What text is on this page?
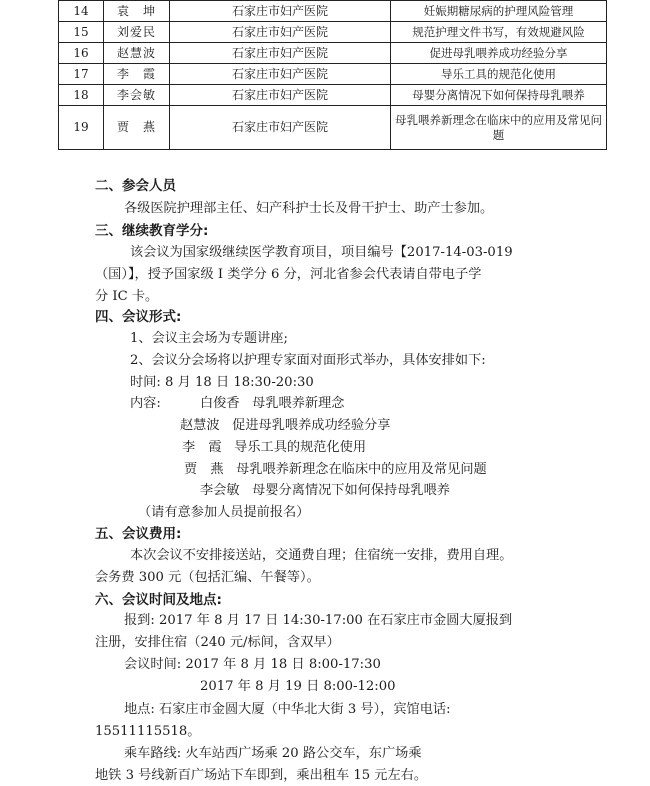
14	袁　坤	石家庄市妇产医院	妊娠期糖尿病的护理风险管理
15	刘爱民	石家庄市妇产医院	规范护理文件书写，有效规避风险
16	赵慧波	石家庄市妇产医院	促进母乳喂养成功经验分享
17	李　霞	石家庄市妇产医院	导乐工具的规范化使用
18	李会敏	石家庄市妇产医院	母婴分离情况下如何保持母乳喂养
19	贾　燕	石家庄市妇产医院	母乳喂养新理念在临床中的应用及常见问题
二、参会人员
各级医院护理部主任、妇产科护士长及骨干护士、助产士参加。
三、继续教育学分:
该会议为国家级继续医学教育项目，项目编号【2017-14-03-019
（国）】，授予国家级 I 类学分 6 分，河北省参会代表请自带电子学
分 IC 卡。
四、会议形式:
1、会议主会场为专题讲座;
2、会议分会场将以护理专家面对面形式举办，具体安排如下:
时间: 8 月 18 日 18:30-20:30
内容:	白俊香 母乳喂养新理念
赵慧波 促进母乳喂养成功经验分享
李　霞 导乐工具的规范化使用
贾　燕 母乳喂养新理念在临床中的应用及常见问题
李会敏 母婴分离情况下如何保持母乳喂养
（请有意参加人员提前报名）
五、会议费用:
本次会议不安排接送站，交通费自理；住宿统一安排，费用自理。
会务费 300 元（包括汇编、午餐等）。
六、会议时间及地点:
报到: 2017 年 8 月 17 日 14:30-17:00 在石家庄市金圆大厦报到
注册，安排住宿（240 元/标间，含双早）
会议时间: 2017 年 8 月 18 日 8:00-17:30
2017 年 8 月 19 日 8:00-12:00
地点: 石家庄市金圆大厦（中华北大街 3 号），宾馆电话:
15511115518。
乘车路线: 火车站西广场乘 20 路公交车，东广场乘
地铁 3 号线新百广场站下车即到，乘出租车 15 元左右。
